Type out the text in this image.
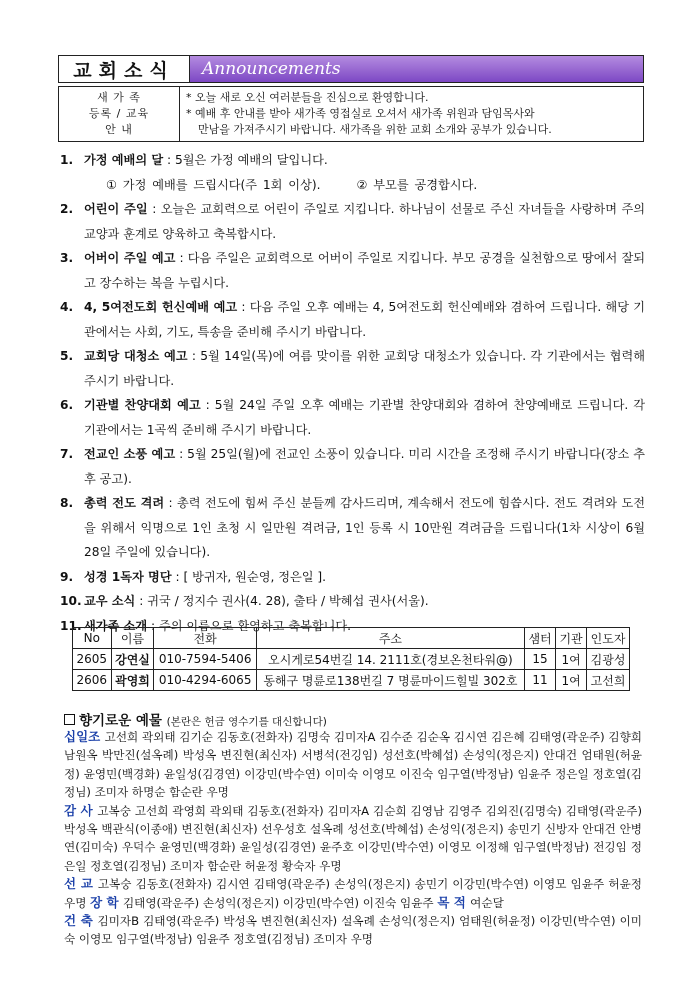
교회소식	Announcements
새 가 족
등록 / 교육
안 내
* 오늘 새로 오신 여러분들을 진심으로 환영합니다.
* 예배 후 안내를 받아 새가족 영접실로 오셔서 새가족 위원과 담임목사와
만남을 가져주시기 바랍니다. 새가족을 위한 교회 소개와 공부가 있습니다.
1. 가정 예배의 달 : 5월은 가정 예배의 달입니다.
① 가정 예배를 드립시다(주 1회 이상).	② 부모를 공경합시다.
2. 어린이 주일 : 오늘은 교회력으로 어린이 주일로 지킵니다. 하나님이 선물로 주신 자녀들을 사랑하며 주의 교양과 훈계로 양육하고 축복합시다.
3. 어버이 주일 예고 : 다음 주일은 교회력으로 어버이 주일로 지킵니다. 부모 공경을 실천함으로 땅에서 잘되고 장수하는 복을 누립시다.
4. 4, 5여전도회 헌신예배 예고 : 다음 주일 오후 예배는 4, 5여전도회 헌신예배와 겸하여 드립니다. 해당 기관에서는 사회, 기도, 특송을 준비해 주시기 바랍니다.
5. 교회당 대청소 예고 : 5월 14일(목)에 여름 맞이를 위한 교회당 대청소가 있습니다. 각 기관에서는 협력해 주시기 바랍니다.
6. 기관별 찬양대회 예고 : 5월 24일 주일 오후 예배는 기관별 찬양대회와 겸하여 찬양예배로 드립니다. 각 기관에서는 1곡씩 준비해 주시기 바랍니다.
7. 전교인 소풍 예고 : 5월 25일(월)에 전교인 소풍이 있습니다. 미리 시간을 조정해 주시기 바랍니다(장소 추후 공고).
8. 총력 전도 격려 : 총력 전도에 힘써 주신 분들께 감사드리며, 계속해서 전도에 힘씁시다. 전도 격려와 도전을 위해서 익명으로 1인 초청 시 일만원 격려금, 1인 등록 시 10만원 격려금을 드립니다(1차 시상이 6월 28일 주일에 있습니다).
9. 성경 1독자 명단 : [ 방귀자, 원순영, 정은일 ].
10. 교우 소식 : 귀국 / 정지수 권사(4. 28), 출타 / 박혜섭 권사(서울).
11. 새가족 소개 : 주의 이름으로 환영하고 축복합니다.
No	이름	전화	주소	샘터	기관	인도자
2605	강연실	010-7594-5406	오시게로54번길 14. 2111호(경보온천타워@)	15	1여	김광성
2606	곽영희	010-4294-6065	동해구 명륜로138번길 7 명륜마이드힐빌 302호	11	1여	고선희
향기로운 예물 (본란은 헌금 영수기를 대신합니다)
십일조 고선희 곽외태 김기순 김동호(전화자) 김명숙 김미자A 김수준 김순옥 김시연 김은혜 김태영(곽운주) 김향희 남원옥 박만진(설옥례) 박성옥 변진현(최신자) 서병석(전깅임) 성선호(박혜섭) 손성익(정은지) 안대건 엄태원(허윤정) 윤영민(백경화) 윤일성(김경연) 이강민(박수연) 이미숙 이영모 이진숙 임구열(박정남) 임윤주 정은일 정호열(김정님) 조미자 하명순 함순란 우명
감 사 고복숭 고선희 곽영희 곽외태 김동호(전화자) 김미자A 김순희 김영남 김영주 김외진(김명숙) 김태영(곽운주) 박성옥 백관식(이종애) 변진현(최신자) 선우성호 설옥례 성선호(박혜섭) 손성익(정은지) 송민기 신방자 안대건 안병연(김미숙) 우덕수 윤영민(백경화) 윤일성(김경연) 윤주호 이강민(박수연) 이영모 이정해 임구열(박정남) 전깅임 정은일 정호열(김정님) 조미자 함순란 허윤정 황숙자 우명
선 교 고복숭 김동호(전화자) 김시연 김태영(곽운주) 손성익(정은지) 송민기 이강민(박수연) 이영모 임윤주 허윤정 우명 장 학 김태영(곽운주) 손성익(정은지) 이강민(박수연) 이진숙 임윤주 목 적 여순달
건 축 김미자B 김태영(곽운주) 박성옥 변진현(최신자) 설옥례 손성익(정은지) 엄태원(허윤정) 이강민(박수연) 이미숙 이영모 임구열(박정남) 임윤주 정호열(김정님) 조미자 우명
